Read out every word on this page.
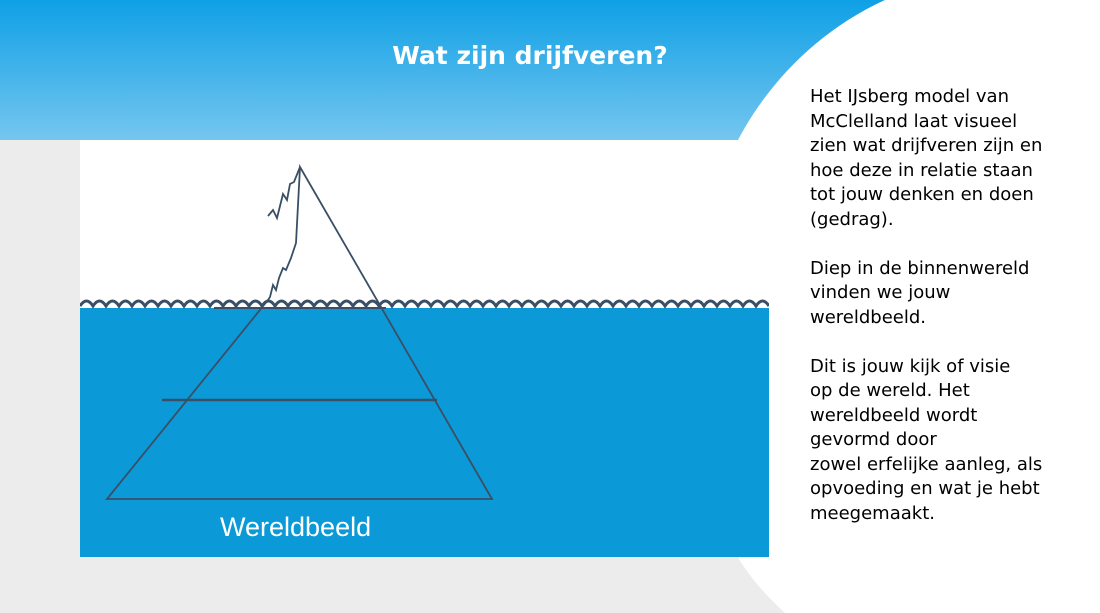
Wat zijn drijfveren?
Wereldbeeld

Het IJsberg model van
McClelland laat visueel
zien wat drijfveren zijn en
hoe deze in relatie staan
tot jouw denken en doen
(gedrag).

Diep in de binnenwereld
vinden we jouw
wereldbeeld.

Dit is jouw kijk of visie
op de wereld. Het
wereldbeeld wordt
gevormd door
zowel erfelijke aanleg, als
opvoeding en wat je hebt
meegemaakt.
